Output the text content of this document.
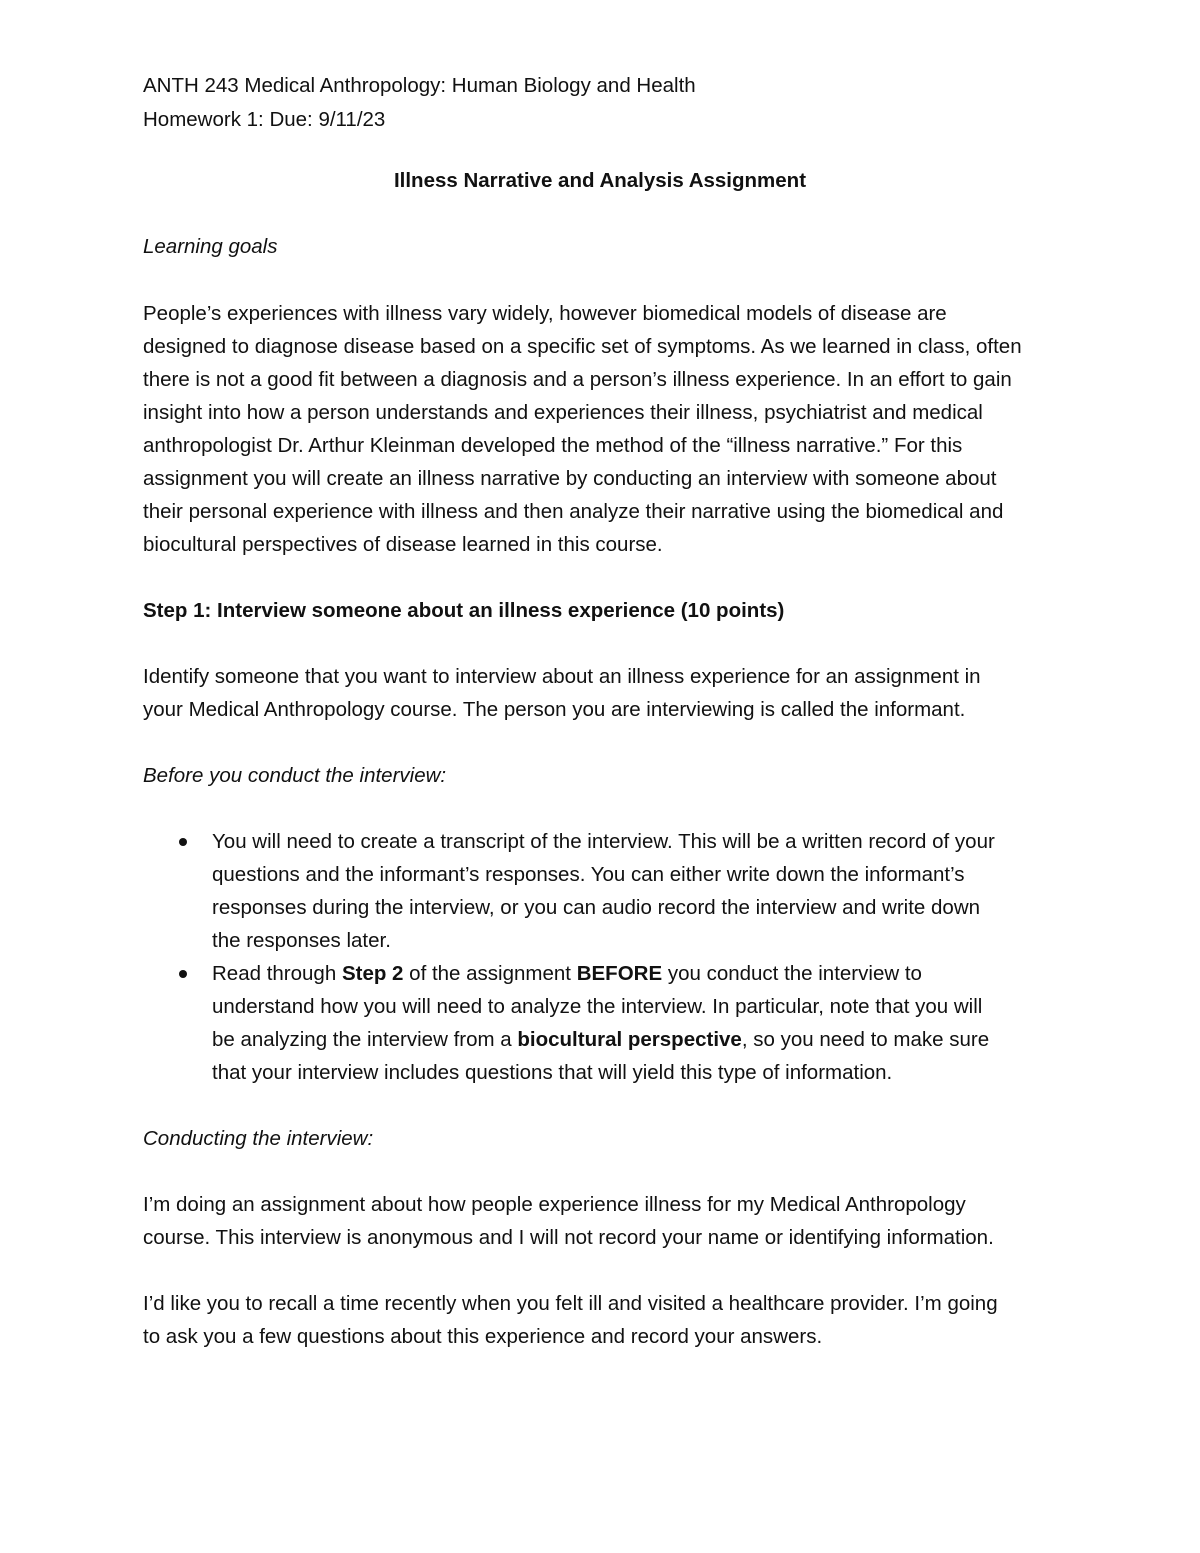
ANTH 243 Medical Anthropology: Human Biology and Health
Homework 1: Due: 9/11/23
Illness Narrative and Analysis Assignment
Learning goals
People’s experiences with illness vary widely, however biomedical models of disease are
designed to diagnose disease based on a specific set of symptoms. As we learned in class, often
there is not a good fit between a diagnosis and a person’s illness experience. In an effort to gain
insight into how a person understands and experiences their illness, psychiatrist and medical
anthropologist Dr. Arthur Kleinman developed the method of the “illness narrative.” For this
assignment you will create an illness narrative by conducting an interview with someone about
their personal experience with illness and then analyze their narrative using the biomedical and
biocultural perspectives of disease learned in this course.
Step 1: Interview someone about an illness experience (10 points)
Identify someone that you want to interview about an illness experience for an assignment in
your Medical Anthropology course. The person you are interviewing is called the informant.
Before you conduct the interview:
You will need to create a transcript of the interview. This will be a written record of your
questions and the informant’s responses. You can either write down the informant’s
responses during the interview, or you can audio record the interview and write down
the responses later.
Read through Step 2 of the assignment BEFORE you conduct the interview to
understand how you will need to analyze the interview. In particular, note that you will
be analyzing the interview from a biocultural perspective, so you need to make sure
that your interview includes questions that will yield this type of information.
Conducting the interview:
I’m doing an assignment about how people experience illness for my Medical Anthropology
course. This interview is anonymous and I will not record your name or identifying information.
I’d like you to recall a time recently when you felt ill and visited a healthcare provider. I’m going
to ask you a few questions about this experience and record your answers.
